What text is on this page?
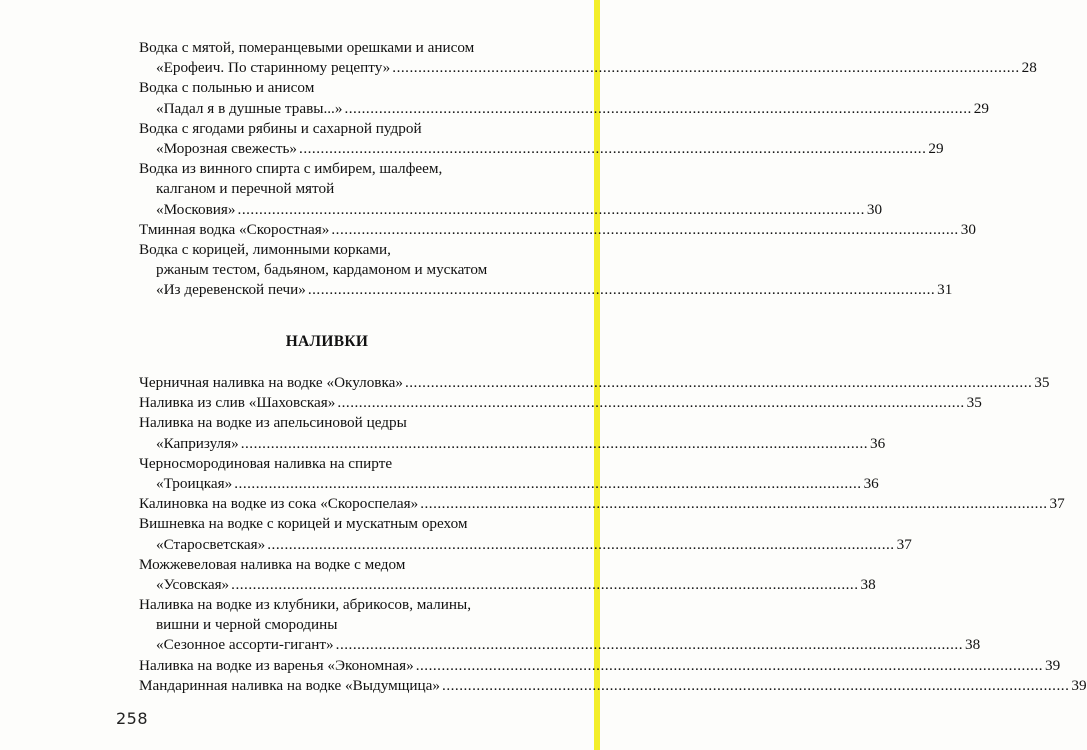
Водка с мятой, померанцевыми орешками и анисом
«Ерофеич. По старинному рецепту» .....	28
Водка с полынью и анисом
«Падал я в душные травы...» .....	29
Водка с ягодами рябины и сахарной пудрой
«Морозная свежесть» .....	29
Водка из винного спирта с имбирем, шалфеем,
калганом и перечной мятой
«Московия» .....	30
Тминная водка «Скоростная» .....	30
Водка с корицей, лимонными корками,
ржаным тестом, бадьяном, кардамоном и мускатом
«Из деревенской печи» .....	31
НАЛИВКИ
Черничная наливка на водке «Окуловка» .....	35
Наливка из слив «Шаховская» .....	35
Наливка на водке из апельсиновой цедры
«Капризуля» .....	36
Черносмородиновая наливка на спирте
«Троицкая» .....	36
Калиновка на водке из сока «Скороспелая» .....	37
Вишневка на водке с корицей и мускатным орехом
«Старосветская» .....	37
Можжевеловая наливка на водке с медом
«Усовская» .....	38
Наливка на водке из клубники, абрикосов, малины,
вишни и черной смородины
«Сезонное ассорти-гигант» .....	38
Наливка на водке из варенья «Экономная» .....	39
Мандаринная наливка на водке «Выдумщица» .....	39
258
